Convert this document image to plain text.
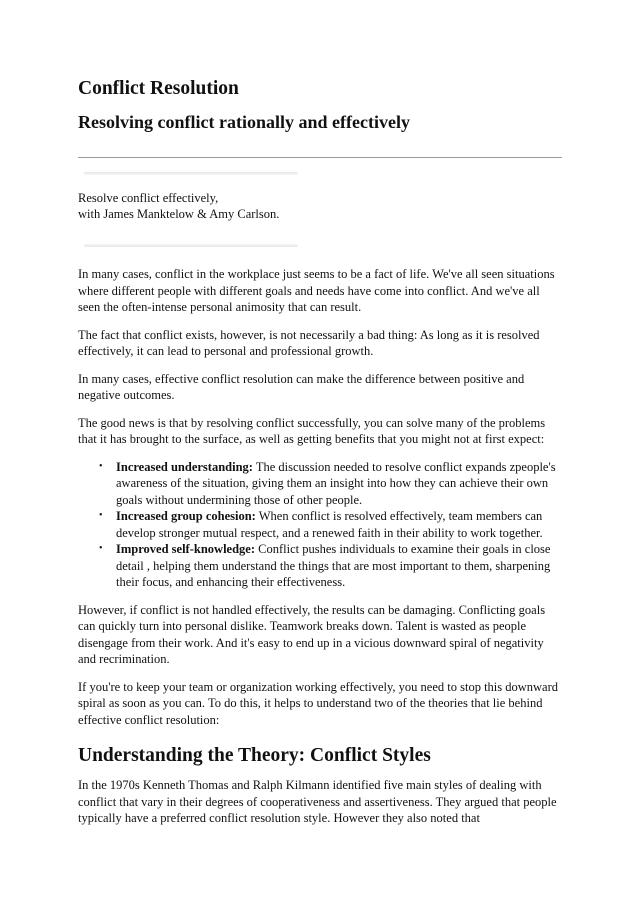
Conflict Resolution
Resolving conflict rationally and effectively
Resolve conflict effectively,
with James Manktelow & Amy Carlson.

In many cases, conflict in the workplace just seems to be a fact of life. We've all seen situations where different people with different goals and needs have come into conflict. And we've all seen the often-intense personal animosity that can result.

The fact that conflict exists, however, is not necessarily a bad thing: As long as it is resolved effectively, it can lead to personal and professional growth.

In many cases, effective conflict resolution can make the difference between positive and negative outcomes.

The good news is that by resolving conflict successfully, you can solve many of the problems that it has brought to the surface, as well as getting benefits that you might not at first expect:

• Increased understanding: The discussion needed to resolve conflict expands zpeople's awareness of the situation, giving them an insight into how they can achieve their own goals without undermining those of other people.
• Increased group cohesion: When conflict is resolved effectively, team members can develop stronger mutual respect, and a renewed faith in their ability to work together.
• Improved self-knowledge: Conflict pushes individuals to examine their goals in close detail , helping them understand the things that are most important to them, sharpening their focus, and enhancing their effectiveness.

However, if conflict is not handled effectively, the results can be damaging. Conflicting goals can quickly turn into personal dislike. Teamwork breaks down. Talent is wasted as people disengage from their work. And it's easy to end up in a vicious downward spiral of negativity and recrimination.

If you're to keep your team or organization working effectively, you need to stop this downward spiral as soon as you can. To do this, it helps to understand two of the theories that lie behind effective conflict resolution:

Understanding the Theory: Conflict Styles

In the 1970s Kenneth Thomas and Ralph Kilmann identified five main styles of dealing with conflict that vary in their degrees of cooperativeness and assertiveness. They argued that people typically have a preferred conflict resolution style. However they also noted that
